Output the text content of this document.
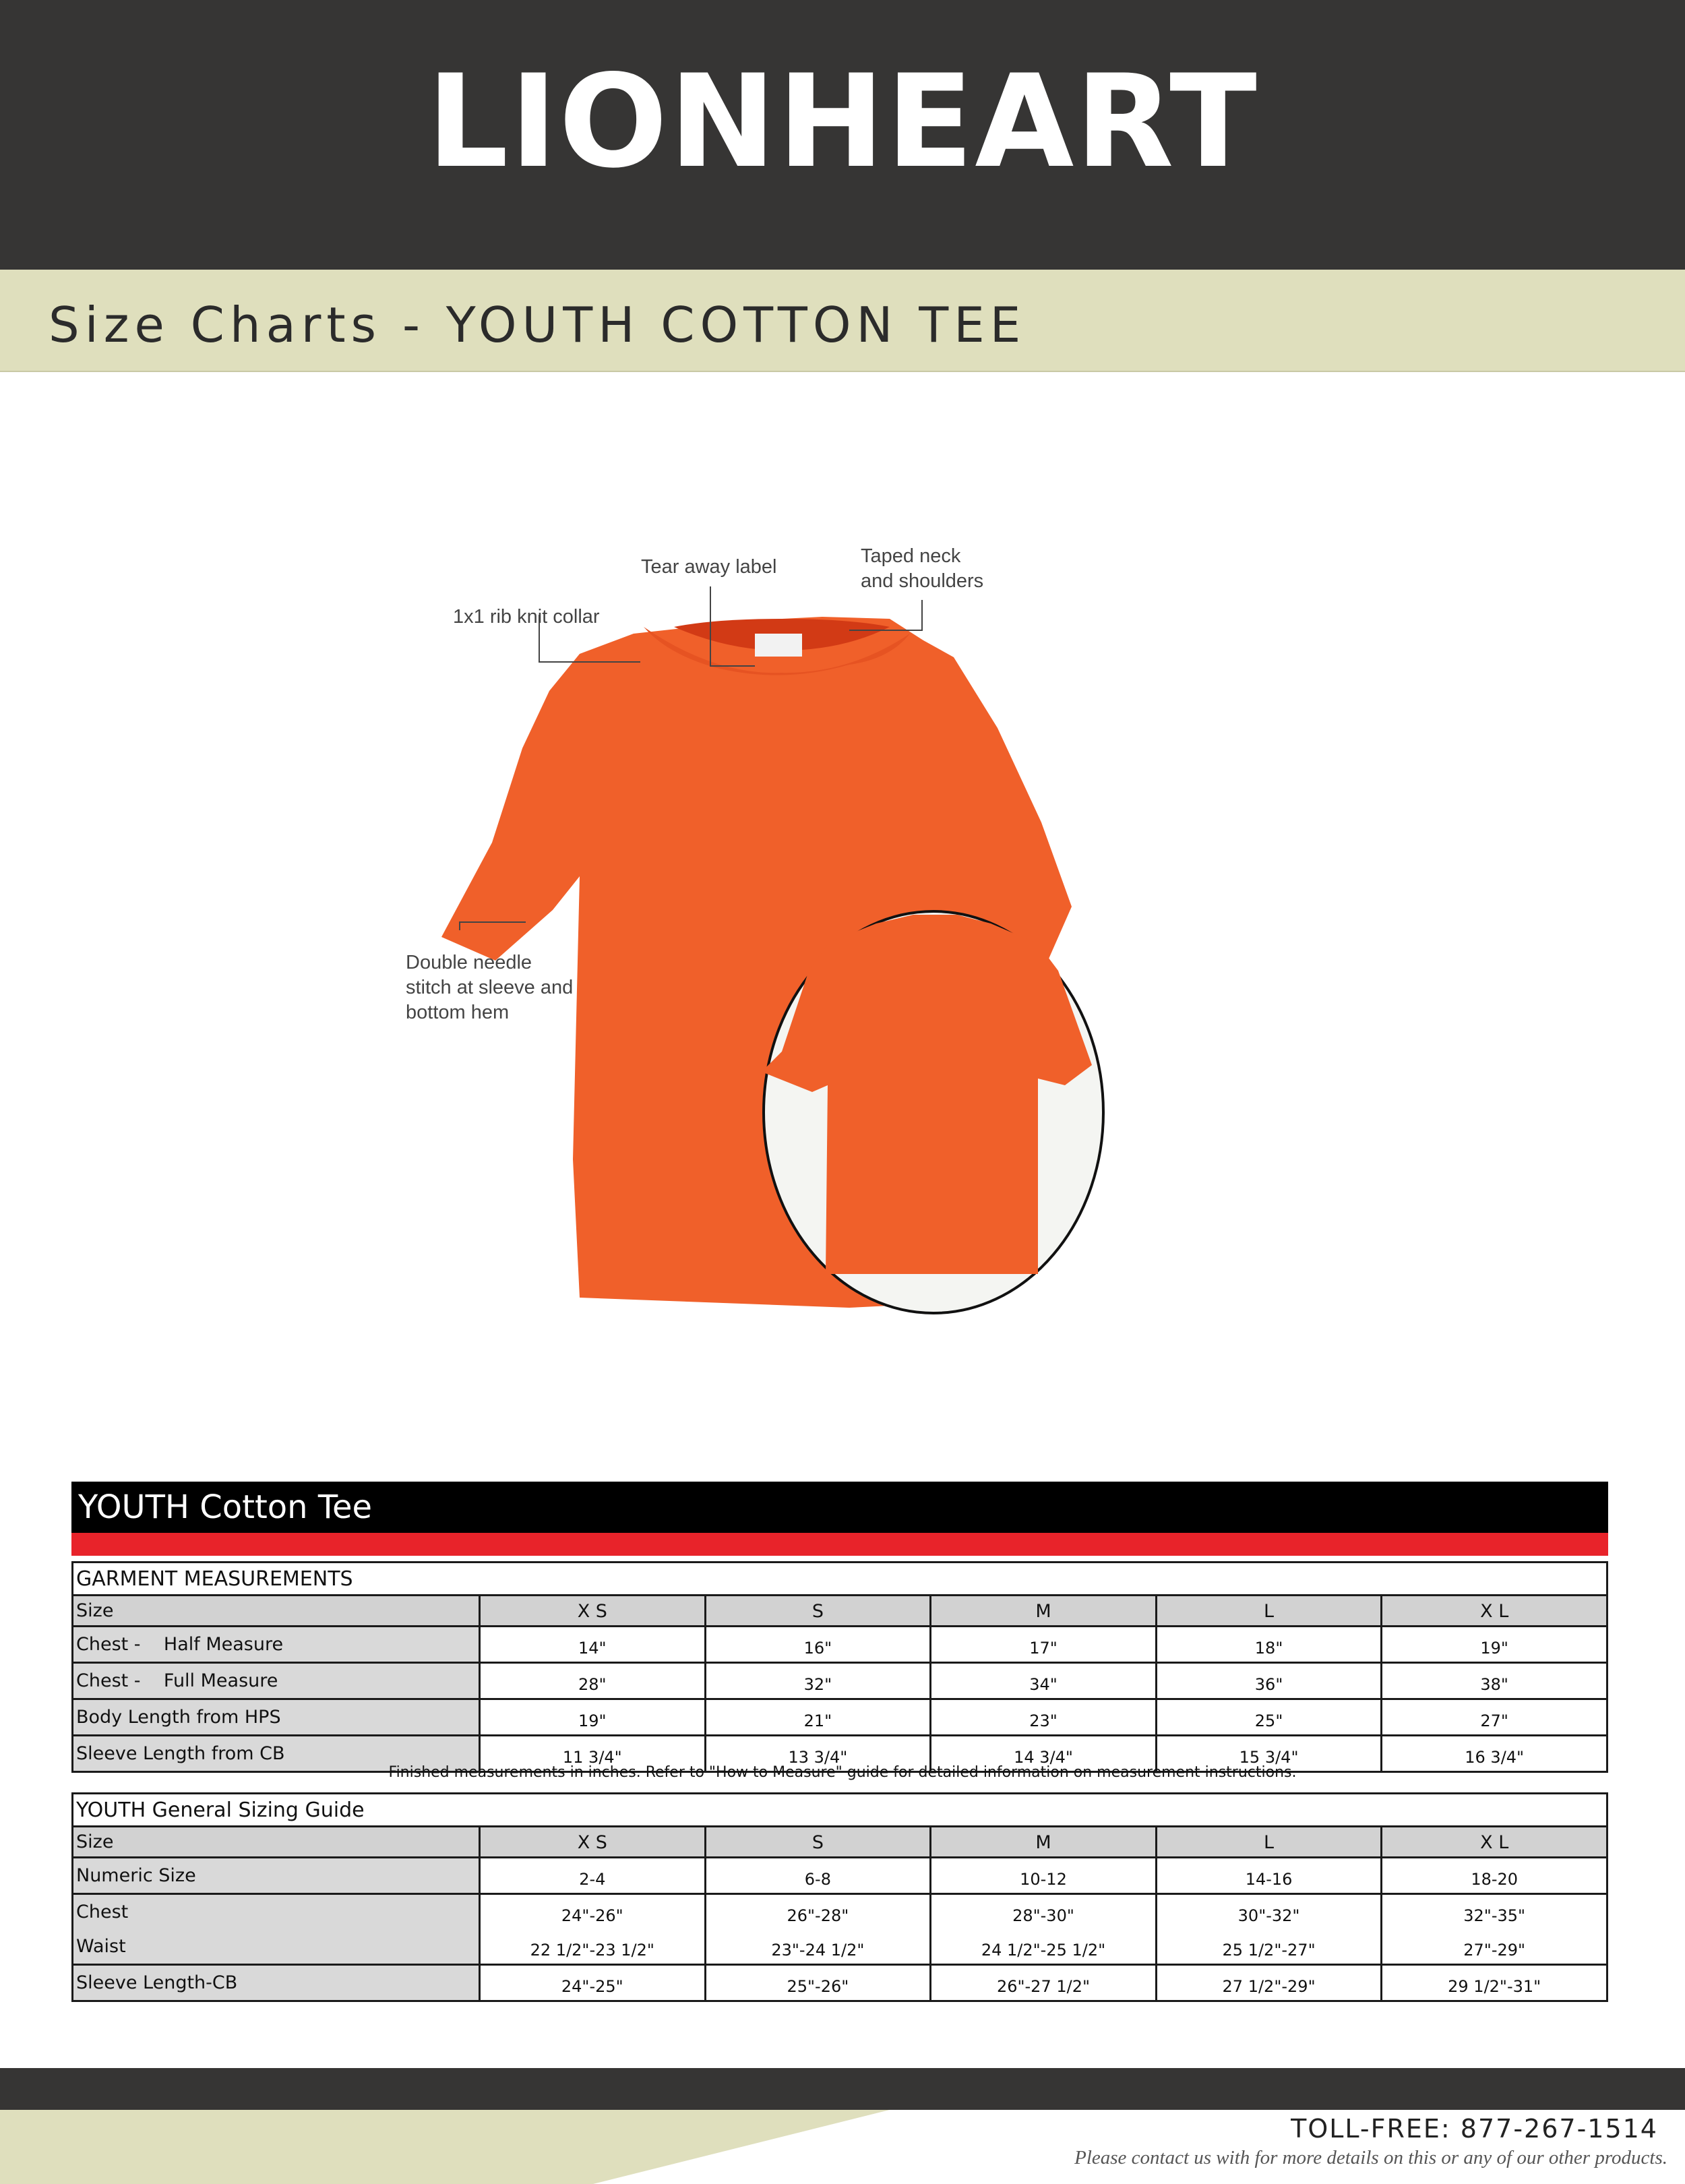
LIONHEART
Size Charts - YOUTH COTTON TEE
Tear away label	Taped neck
and shoulders
1x1 rib knit collar
Double needle
stitch at sleeve and
bottom hem
YOUTH Cotton Tee
GARMENT MEASUREMENTS					
Size	X S	S	M	L	X L
Chest -    Half Measure	14"	16"	17"	18"	19"
Chest -    Full Measure	28"	32"	34"	36"	38"
Body Length from HPS	19"	21"	23"	25"	27"
Sleeve Length from CB	11 3/4"	13 3/4"	14 3/4"	15 3/4"	16 3/4"
Finished measurements in inches. Refer to "How to Measure" guide for detailed information on measurement instructions.
YOUTH General Sizing Guide					
Size	X S	S	M	L	X L
Numeric Size	2-4	6-8	10-12	14-16	18-20
Chest	24"-26"	26"-28"	28"-30"	30"-32"	32"-35"
Waist	22 1/2"-23 1/2"	23"-24 1/2"	24 1/2"-25 1/2"	25 1/2"-27"	27"-29"
Sleeve Length-CB	24"-25"	25"-26"	26"-27 1/2"	27 1/2"-29"	29 1/2"-31"
TOLL-FREE: 877-267-1514
Please contact us with for more details on this or any of our other products.
